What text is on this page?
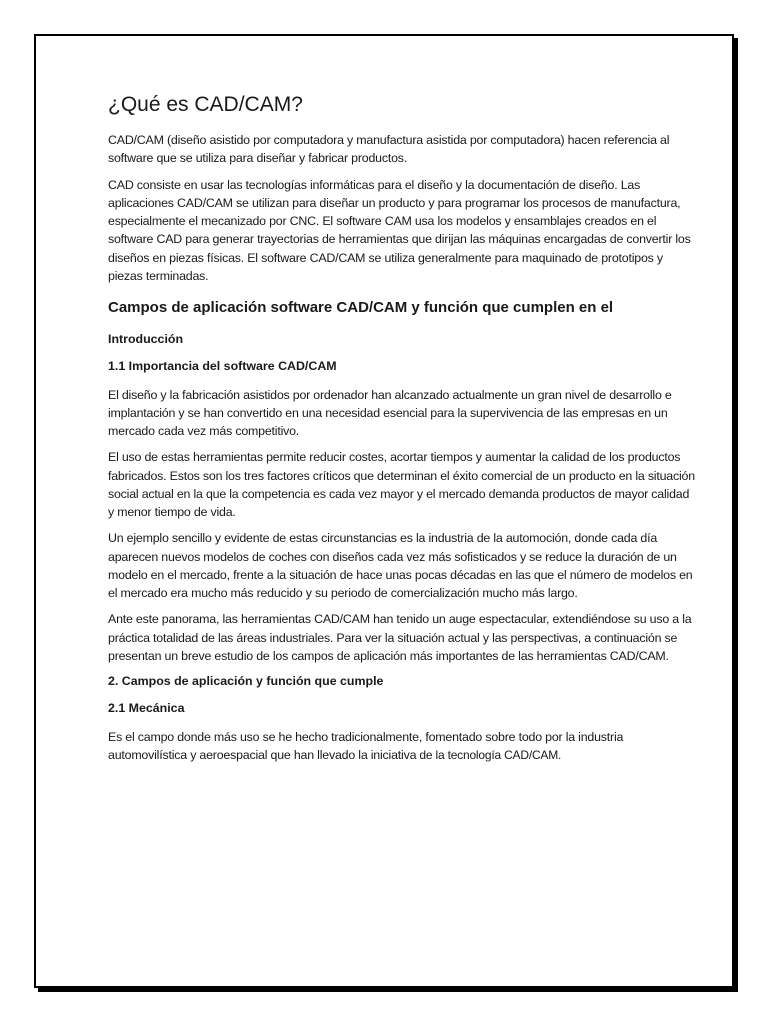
¿Qué es CAD/CAM?

CAD/CAM (diseño asistido por computadora y manufactura asistida por computadora) hacen referencia al software que se utiliza para diseñar y fabricar productos.

CAD consiste en usar las tecnologías informáticas para el diseño y la documentación de diseño. Las aplicaciones CAD/CAM se utilizan para diseñar un producto y para programar los procesos de manufactura, especialmente el mecanizado por CNC. El software CAM usa los modelos y ensamblajes creados en el software CAD para generar trayectorias de herramientas que dirijan las máquinas encargadas de convertir los diseños en piezas físicas. El software CAD/CAM se utiliza generalmente para maquinado de prototipos y piezas terminadas.

Campos de aplicación software CAD/CAM y función que cumplen en el
Introducción
1.1 Importancia del software CAD/CAM

El diseño y la fabricación asistidos por ordenador han alcanzado actualmente un gran nivel de desarrollo e implantación y se han convertido en una necesidad esencial para la supervivencia de las empresas en un mercado cada vez más competitivo.

El uso de estas herramientas permite reducir costes, acortar tiempos y aumentar la calidad de los productos fabricados. Estos son los tres factores críticos que determinan el éxito comercial de un producto en la situación social actual en la que la competencia es cada vez mayor y el mercado demanda productos de mayor calidad y menor tiempo de vida.

Un ejemplo sencillo y evidente de estas circunstancias es la industria de la automoción, donde cada día aparecen nuevos modelos de coches con diseños cada vez más sofisticados y se reduce la duración de un modelo en el mercado, frente a la situación de hace unas pocas décadas en las que el número de modelos en el mercado era mucho más reducido y su periodo de comercialización mucho más largo.

Ante este panorama, las herramientas CAD/CAM han tenido un auge espectacular, extendiéndose su uso a la práctica totalidad de las áreas industriales. Para ver la situación actual y las perspectivas, a continuación se presentan un breve estudio de los campos de aplicación más importantes de las herramientas CAD/CAM.

2. Campos de aplicación y función que cumple
2.1 Mecánica

Es el campo donde más uso se he hecho tradicionalmente, fomentado sobre todo por la industria automovilística y aeroespacial que han llevado la iniciativa de la tecnología CAD/CAM.
